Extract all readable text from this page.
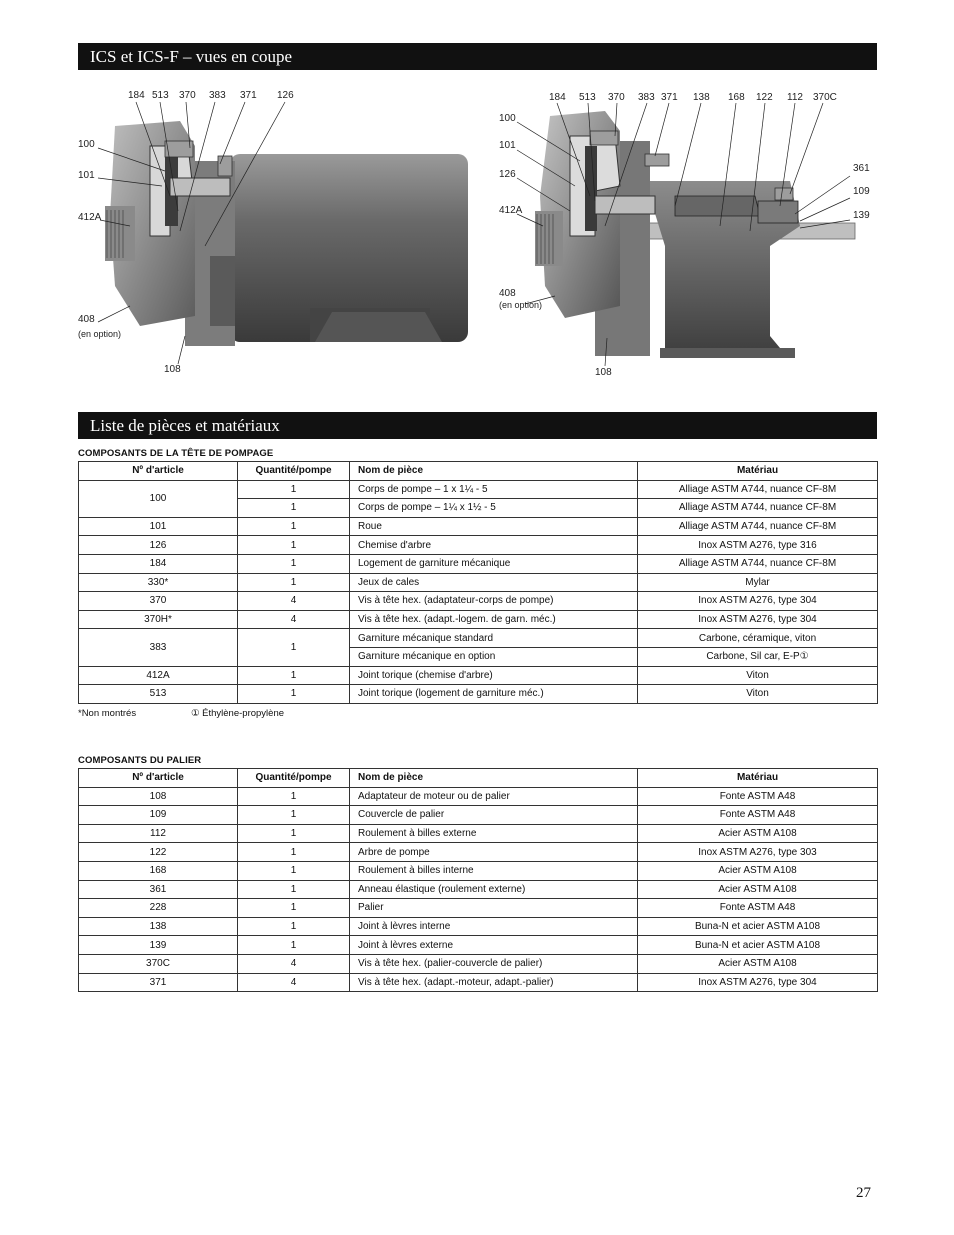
ICS et ICS-F – vues en coupe
184 513 370 383 371 126
100
101
412A
408
(en option)
108
184 513 370 383 371 138 168 122 112 370C
100
101
126
412A
361
109
139
408
(en option)
108
Liste de pièces et matériaux
COMPOSANTS DE LA TÊTE DE POMPAGE
Nº d'article	Quantité/pompe	Nom de pièce	Matériau
100	1	Corps de pompe – 1 x 1¼ - 5	Alliage ASTM A744, nuance CF-8M
	1	Corps de pompe – 1¼ x 1½ - 5	Alliage ASTM A744, nuance CF-8M
101	1	Roue	Alliage ASTM A744, nuance CF-8M
126	1	Chemise d'arbre	Inox ASTM A276, type 316
184	1	Logement de garniture mécanique	Alliage ASTM A744, nuance CF-8M
330*	1	Jeux de cales	Mylar
370	4	Vis à tête hex. (adaptateur-corps de pompe)	Inox ASTM A276, type 304
370H*	4	Vis à tête hex. (adapt.-logem. de garn. méc.)	Inox ASTM A276, type 304
383	1	Garniture mécanique standard	Carbone, céramique, viton
		Garniture mécanique en option	Carbone, Sil car, E-P①
412A	1	Joint torique (chemise d'arbre)	Viton
513	1	Joint torique (logement de garniture méc.)	Viton
*Non montrés	① Éthylène-propylène
COMPOSANTS DU PALIER
Nº d'article	Quantité/pompe	Nom de pièce	Matériau
108	1	Adaptateur de moteur ou de palier	Fonte ASTM A48
109	1	Couvercle de palier	Fonte ASTM A48
112	1	Roulement à billes externe	Acier ASTM A108
122	1	Arbre de pompe	Inox ASTM A276, type 303
168	1	Roulement à billes interne	Acier ASTM A108
361	1	Anneau élastique (roulement externe)	Acier ASTM A108
228	1	Palier	Fonte ASTM A48
138	1	Joint à lèvres interne	Buna-N et acier ASTM A108
139	1	Joint à lèvres externe	Buna-N et acier ASTM A108
370C	4	Vis à tête hex. (palier-couvercle de palier)	Acier ASTM A108
371	4	Vis à tête hex. (adapt.-moteur, adapt.-palier)	Inox ASTM A276, type 304
27
